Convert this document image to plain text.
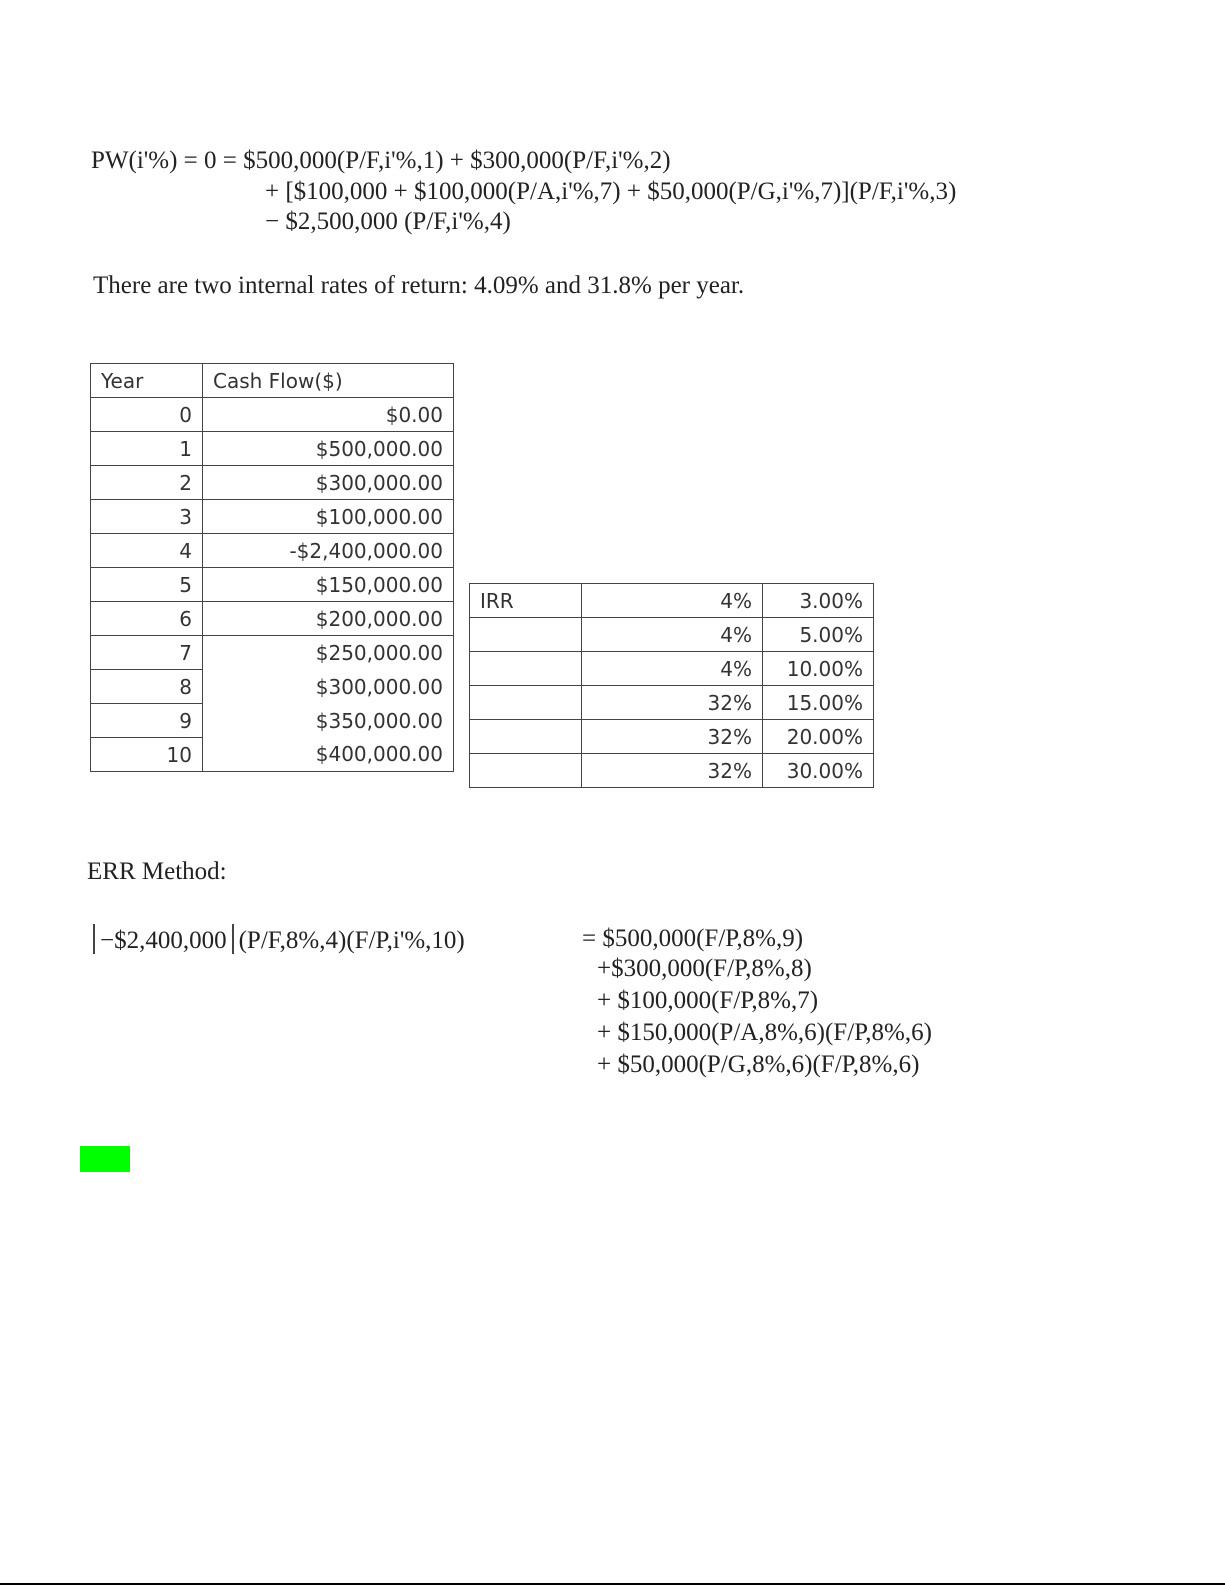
PW(i'%) = 0 = $500,000(P/F,i'%,1) + $300,000(P/F,i'%,2)
+ [$100,000 + $100,000(P/A,i'%,7) + $50,000(P/G,i'%,7)](P/F,i'%,3)
− $2,500,000 (P/F,i'%,4)
There are two internal rates of return: 4.09% and 31.8% per year.
Year	Cash Flow($)
0	$0.00
1	$500,000.00
2	$300,000.00
3	$100,000.00
4	-$2,400,000.00
5	$150,000.00
6	$200,000.00
7	$250,000.00
8	$300,000.00
9	$350,000.00
10	$400,000.00
IRR	4%	3.00%
	4%	5.00%
	4%	10.00%
	32%	15.00%
	32%	20.00%
	32%	30.00%
ERR Method:
−$2,400,000 (P/F,8%,4)(F/P,i'%,10)	= $500,000(F/P,8%,9)
+$300,000(F/P,8%,8)
+ $100,000(F/P,8%,7)
+ $150,000(P/A,8%,6)(F/P,8%,6)
+ $50,000(P/G,8%,6)(F/P,8%,6)
